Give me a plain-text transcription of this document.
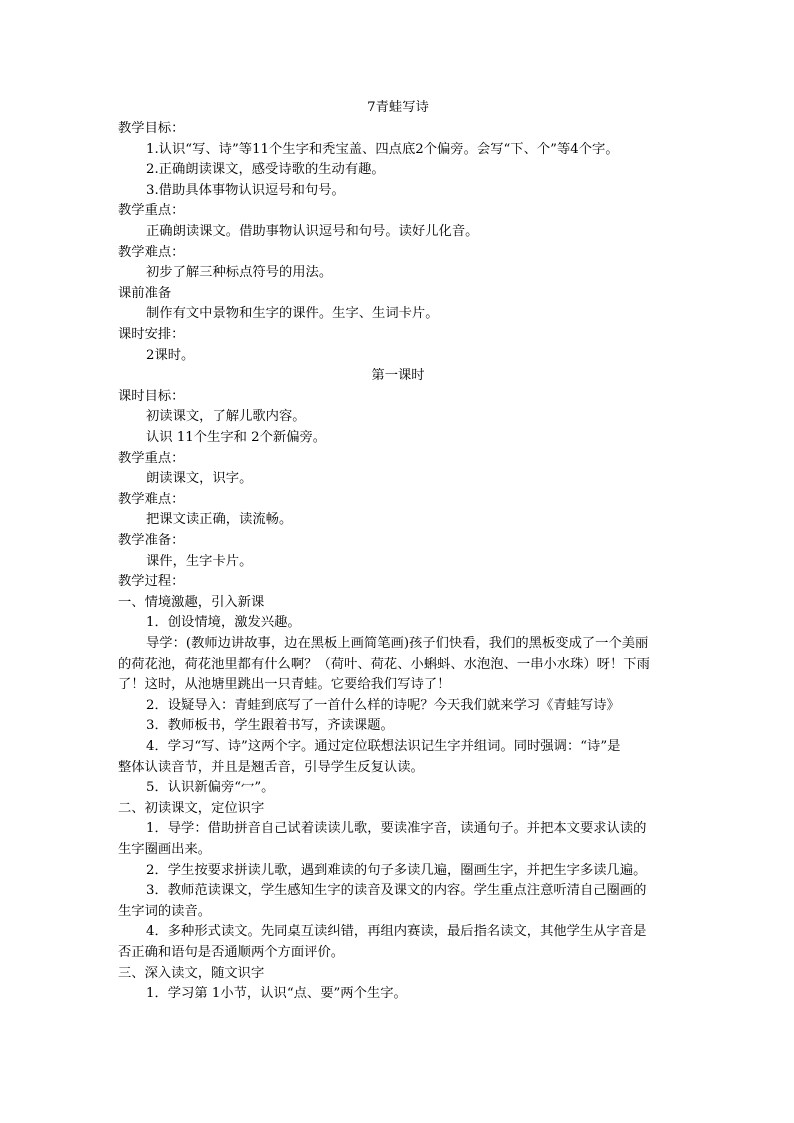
7青蛙写诗
教学目标：
1.认识“写、诗”等11个生字和秃宝盖、四点底2个偏旁。会写“下、个”等4个字。
2.正确朗读课文，感受诗歌的生动有趣。
3.借助具体事物认识逗号和句号。
教学重点：
正确朗读课文。借助事物认识逗号和句号。读好儿化音。
教学难点：
初步了解三种标点符号的用法。
课前准备
制作有文中景物和生字的课件。生字、生词卡片。
课时安排：
2课时。
第一课时
课时目标：
初读课文，了解儿歌内容。
认识 11个生字和 2个新偏旁。
教学重点：
朗读课文，识字。
教学难点：
把课文读正确，读流畅。
教学准备：
课件，生字卡片。
教学过程：
一、情境激趣，引入新课
1．创设情境，激发兴趣。
导学：(教师边讲故事，边在黑板上画简笔画)孩子们快看，我们的黑板变成了一个美丽
的荷花池，荷花池里都有什么啊？（荷叶、荷花、小蝌蚪、水泡泡、一串小水珠）呀！下雨
了！这时，从池塘里跳出一只青蛙。它要给我们写诗了！
2．设疑导入：青蛙到底写了一首什么样的诗呢？今天我们就来学习《青蛙写诗》
3．教师板书，学生跟着书写，齐读课题。
4．学习“写、诗”这两个字。通过定位联想法识记生字并组词。同时强调：“诗”是
整体认读音节，并且是翘舌音，引导学生反复认读。
5．认识新偏旁“冖”。
二、初读课文，定位识字
1．导学：借助拼音自己试着读读儿歌，要读准字音，读通句子。并把本文要求认读的
生字圈画出来。
2．学生按要求拼读儿歌，遇到难读的句子多读几遍，圈画生字，并把生字多读几遍。
3．教师范读课文，学生感知生字的读音及课文的内容。学生重点注意听清自己圈画的
生字词的读音。
4．多种形式读文。先同桌互读纠错，再组内赛读，最后指名读文，其他学生从字音是
否正确和语句是否通顺两个方面评价。
三、深入读文，随文识字
1．学习第 1小节，认识“点、要”两个生字。
